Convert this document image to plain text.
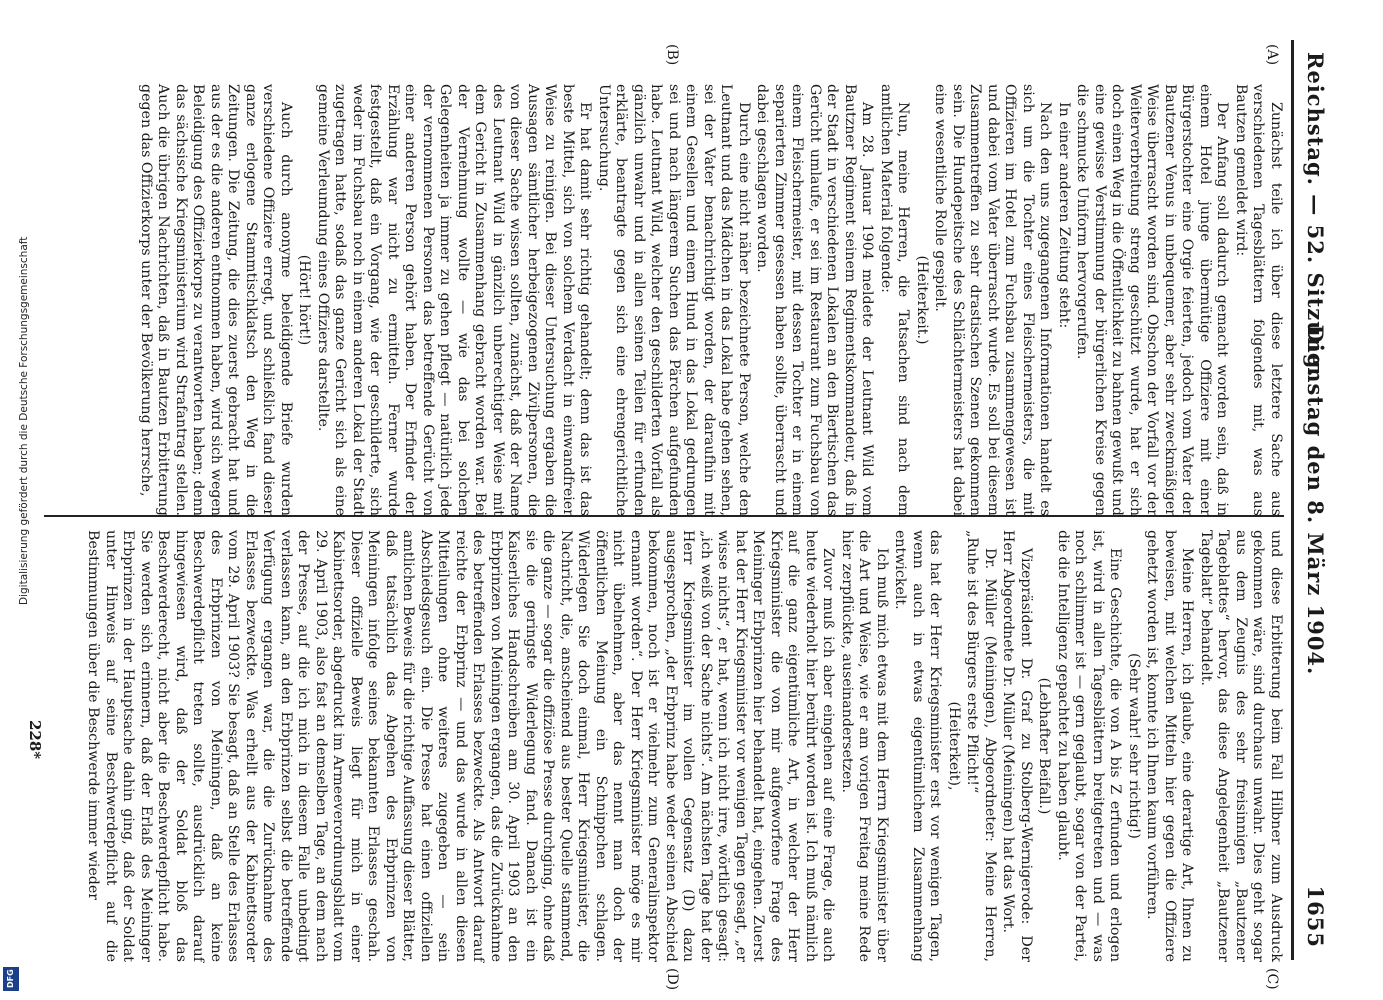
Reichstag. — 52. Sitzung.
Dienstag den 8. März 1904.
1655
(A)
(B)
(C)
(D)

Zunächst teile ich über diese letztere Sache aus verschiedenen Tagesblättern folgendes mit, was aus Bautzen gemeldet wird:

Der Anfang soll dadurch gemacht worden sein, daß in einem Hotel junge übermütige Offiziere mit einer Bürgerstochter eine Orgie feierten, jedoch vom Vater der Bautzener Venus in unbequemer, aber sehr zweckmäßiger Weise überrascht worden sind. Obschon der Vorfall vor der Weiterverbreitung streng geschützt wurde, hat er sich doch einen Weg in die Öffentlichkeit zu bahnen gewußt und eine gewisse Verstimmung der bürgerlichen Kreise gegen die schmucke Uniform hervorgerufen.

In einer anderen Zeitung steht:

Nach den uns zugegangenen Informationen handelt es sich um die Tochter eines Fleischermeisters, die mit Offizieren im Hotel zum Fuchsbau zusammengewesen ist und dabei vom Vater überrascht wurde. Es soll bei diesem Zusammentreffen zu sehr drastischen Szenen gekommen sein. Die Hundepeitsche des Schlächtermeisters hat dabei eine wesentliche Rolle gespielt.

(Heiterkeit.)

Nun, meine Herren, die Tatsachen sind nach dem amtlichen Material folgende:

Am 28. Januar 1904 meldete der Leutnant Wild vom Bautzner Regiment seinem Regimentskommandeur, daß in der Stadt in verschiedenen Lokalen an den Biertischen das Gerücht umlaufe, er sei im Restaurant zum Fuchsbau von einem Fleischermeister, mit dessen Tochter er in einem separierten Zimmer gesessen haben sollte, überrascht und dabei geschlagen worden.

Durch eine nicht näher bezeichnete Person, welche den Leutnant und das Mädchen in das Lokal habe gehen sehen, sei der Vater benachrichtigt worden, der daraufhin mit einem Gesellen und einem Hund in das Lokal gedrungen sei und nach längerem Suchen das Pärchen aufgefunden habe. Leutnant Wild, welcher den geschilderten Vorfall als gänzlich unwahr und in allen seinen Teilen für erfunden erklärte, beantragte gegen sich eine ehrengerichtliche Untersuchung.

Er hat damit sehr richtig gehandelt; denn das ist das beste Mittel, sich von solchem Verdacht in einwandfreier Weise zu reinigen. Bei dieser Untersuchung ergaben die Aussagen sämtlicher herbeigezogenen Zivilpersonen, die von dieser Sache wissen sollten, zunächst, daß der Name des Leutnant Wild in gänzlich unberechtigter Weise mit dem Gericht in Zusammenhang gebracht worden war. Bei der Vernehmung wollte — wie das bei solchen Gelegenheiten ja immer zu gehen pflegt — natürlich jede der vernommenen Personen das betreffende Gerücht von einer anderen Person gehört haben. Der Erfinder der Erzählung war nicht zu ermitteln. Ferner wurde festgestellt, daß ein Vorgang, wie der geschilderte, sich weder im Fuchsbau noch in einem anderen Lokal der Stadt zugetragen hatte, sodaß das ganze Gericht sich als eine gemeine Verleumdung eines Offiziers darstellte.

(Hört! hört!)

Auch durch anonyme beleidigende Briefe wurden verschiedene Offiziere erregt, und schließlich fand dieser ganze erlogene Stammtischklatsch den Weg in die Zeitungen. Die Zeitung, die dies zuerst gebracht hat und aus der es die anderen entnommen haben, wird sich wegen Beleidigung des Offizierkorps zu verantworten haben; denn das sächsische Kriegsministerium wird Strafantrag stellen. Auch die übrigen Nachrichten, daß in Bautzen Erbitterung gegen das Offizierkorps unter der Bevölkerung herrsche,

und diese Erbitterung beim Fall Hilbner zum Ausdruck gekommen wäre, sind durchaus unwahr. Dies geht sogar aus dem Zeugnis des sehr freisinnigen „Bautzener Tageblattes“ hervor, das diese Angelegenheit „Bautzener Tageblatt“ behandelt.

Meine Herren, ich glaube, eine derartige Art, Ihnen zu beweisen, mit welchen Mitteln hier gegen die Offiziere gehetzt worden ist, konnte ich Ihnen kaum vorführen.

(Sehr wahr! sehr richtig!)

Eine Geschichte, die von A bis Z erfunden und erlogen ist, wird in allen Tagesblättern breitgetreten und — was noch schlimmer ist — gern geglaubt, sogar von der Partei, die die Intelligenz gepachtet zu haben glaubt.

(Lebhafter Beifall.)

Vizepräsident Dr. Graf zu Stolberg-Wernigerode: Der Herr Abgeordnete Dr. Müller (Meiningen) hat das Wort.

Dr. Müller (Meiningen), Abgeordneter: Meine Herren, „Ruhe ist des Bürgers erste Pflicht!“

(Heiterkeit),

das hat der Herr Kriegsminister erst vor wenigen Tagen, wenn auch in etwas eigentümlichem Zusammenhang entwickelt.

Ich muß mich etwas mit dem Herrn Kriegsminister über die Art und Weise, wie er am vorigen Freitag meine Rede hier zerpflückte, auseinandersetzen.

Zuvor muß ich aber eingehen auf eine Frage, die auch heute wiederholt hier berührt worden ist. Ich muß nämlich auf die ganz eigentümliche Art, in welcher der Herr Kriegsminister die von mir aufgeworfene Frage des Meininger Erbprinzen hier behandelt hat, eingehen. Zuerst hat der Herr Kriegsminister vor wenigen Tagen gesagt, „er wisse nichts“, er hat, wenn ich nicht irre, wörtlich gesagt: „ich weiß von der Sache nichts“. Am nächsten Tage hat der Herr Kriegsminister im vollen Gegensatz (D) dazu ausgesprochen, „der Erbprinz habe weder seinen Abschied bekommen, noch ist er vielmehr zum Generalinspektor ernannt worden“. Der Herr Kriegsminister möge es mir nicht übelnehmen, aber das nennt man doch der öffentlichen Meinung ein Schnippchen schlagen. Widerlegen Sie doch einmal, Herr Kriegsminister, die Nachricht, die, anscheinend aus bester Quelle stammend, die ganze — sogar die offiziöse Presse durchging, ohne daß sie die geringste Widerlegung fand. Danach ist ein Kaiserliches Handschreiben am 30. April 1903 an den Erbprinzen von Meiningen ergangen, das die Zurücknahme des betreffenden Erlasses bezweckte. Als Antwort darauf reichte der Erbprinz — und das wurde in allen diesen Mitteilungen ohne weiteres zugegeben — sein Abschiedsgesuch ein. Die Presse hat einen offiziellen amtlichen Beweis für die richtige Auffassung dieser Blätter, daß tatsächlich das Abgehen des Erbprinzen von Meiningen infolge seines bekannten Erlasses geschah. Dieser offizielle Beweis liegt für mich in einer Kabinettsorder, abgedruckt im Armeeverordnungsblatt vom 29. April 1903, also fast an demselben Tage, an dem nach der Presse, auf die ich mich in diesem Falle unbedingt verlassen kann, an den Erbprinzen selbst die betreffende Verfügung ergangen war, die die Zurücknahme des Erlasses bezweckte. Was erhellt aus der Kabinettsorder vom 29. April 1903? Sie besagt, daß an Stelle des Erlasses des Erbprinzen von Meiningen, daß an keine Beschwerdepflicht treten sollte, ausdrücklich darauf hingewiesen wird, daß der Soldat bloß das Beschwerderecht, nicht aber die Beschwerdepflicht habe. Sie werden sich erinnern, daß der Erlaß des Meininger Erbprinzen in der Hauptsache dahin ging, daß der Soldat unter Hinweis auf seine Beschwerdepflicht auf die Bestimmungen über die Beschwerde immer wieder

228*
Digitalisierung gefördert durch die Deutsche Forschungsgemeinschaft
DFG
